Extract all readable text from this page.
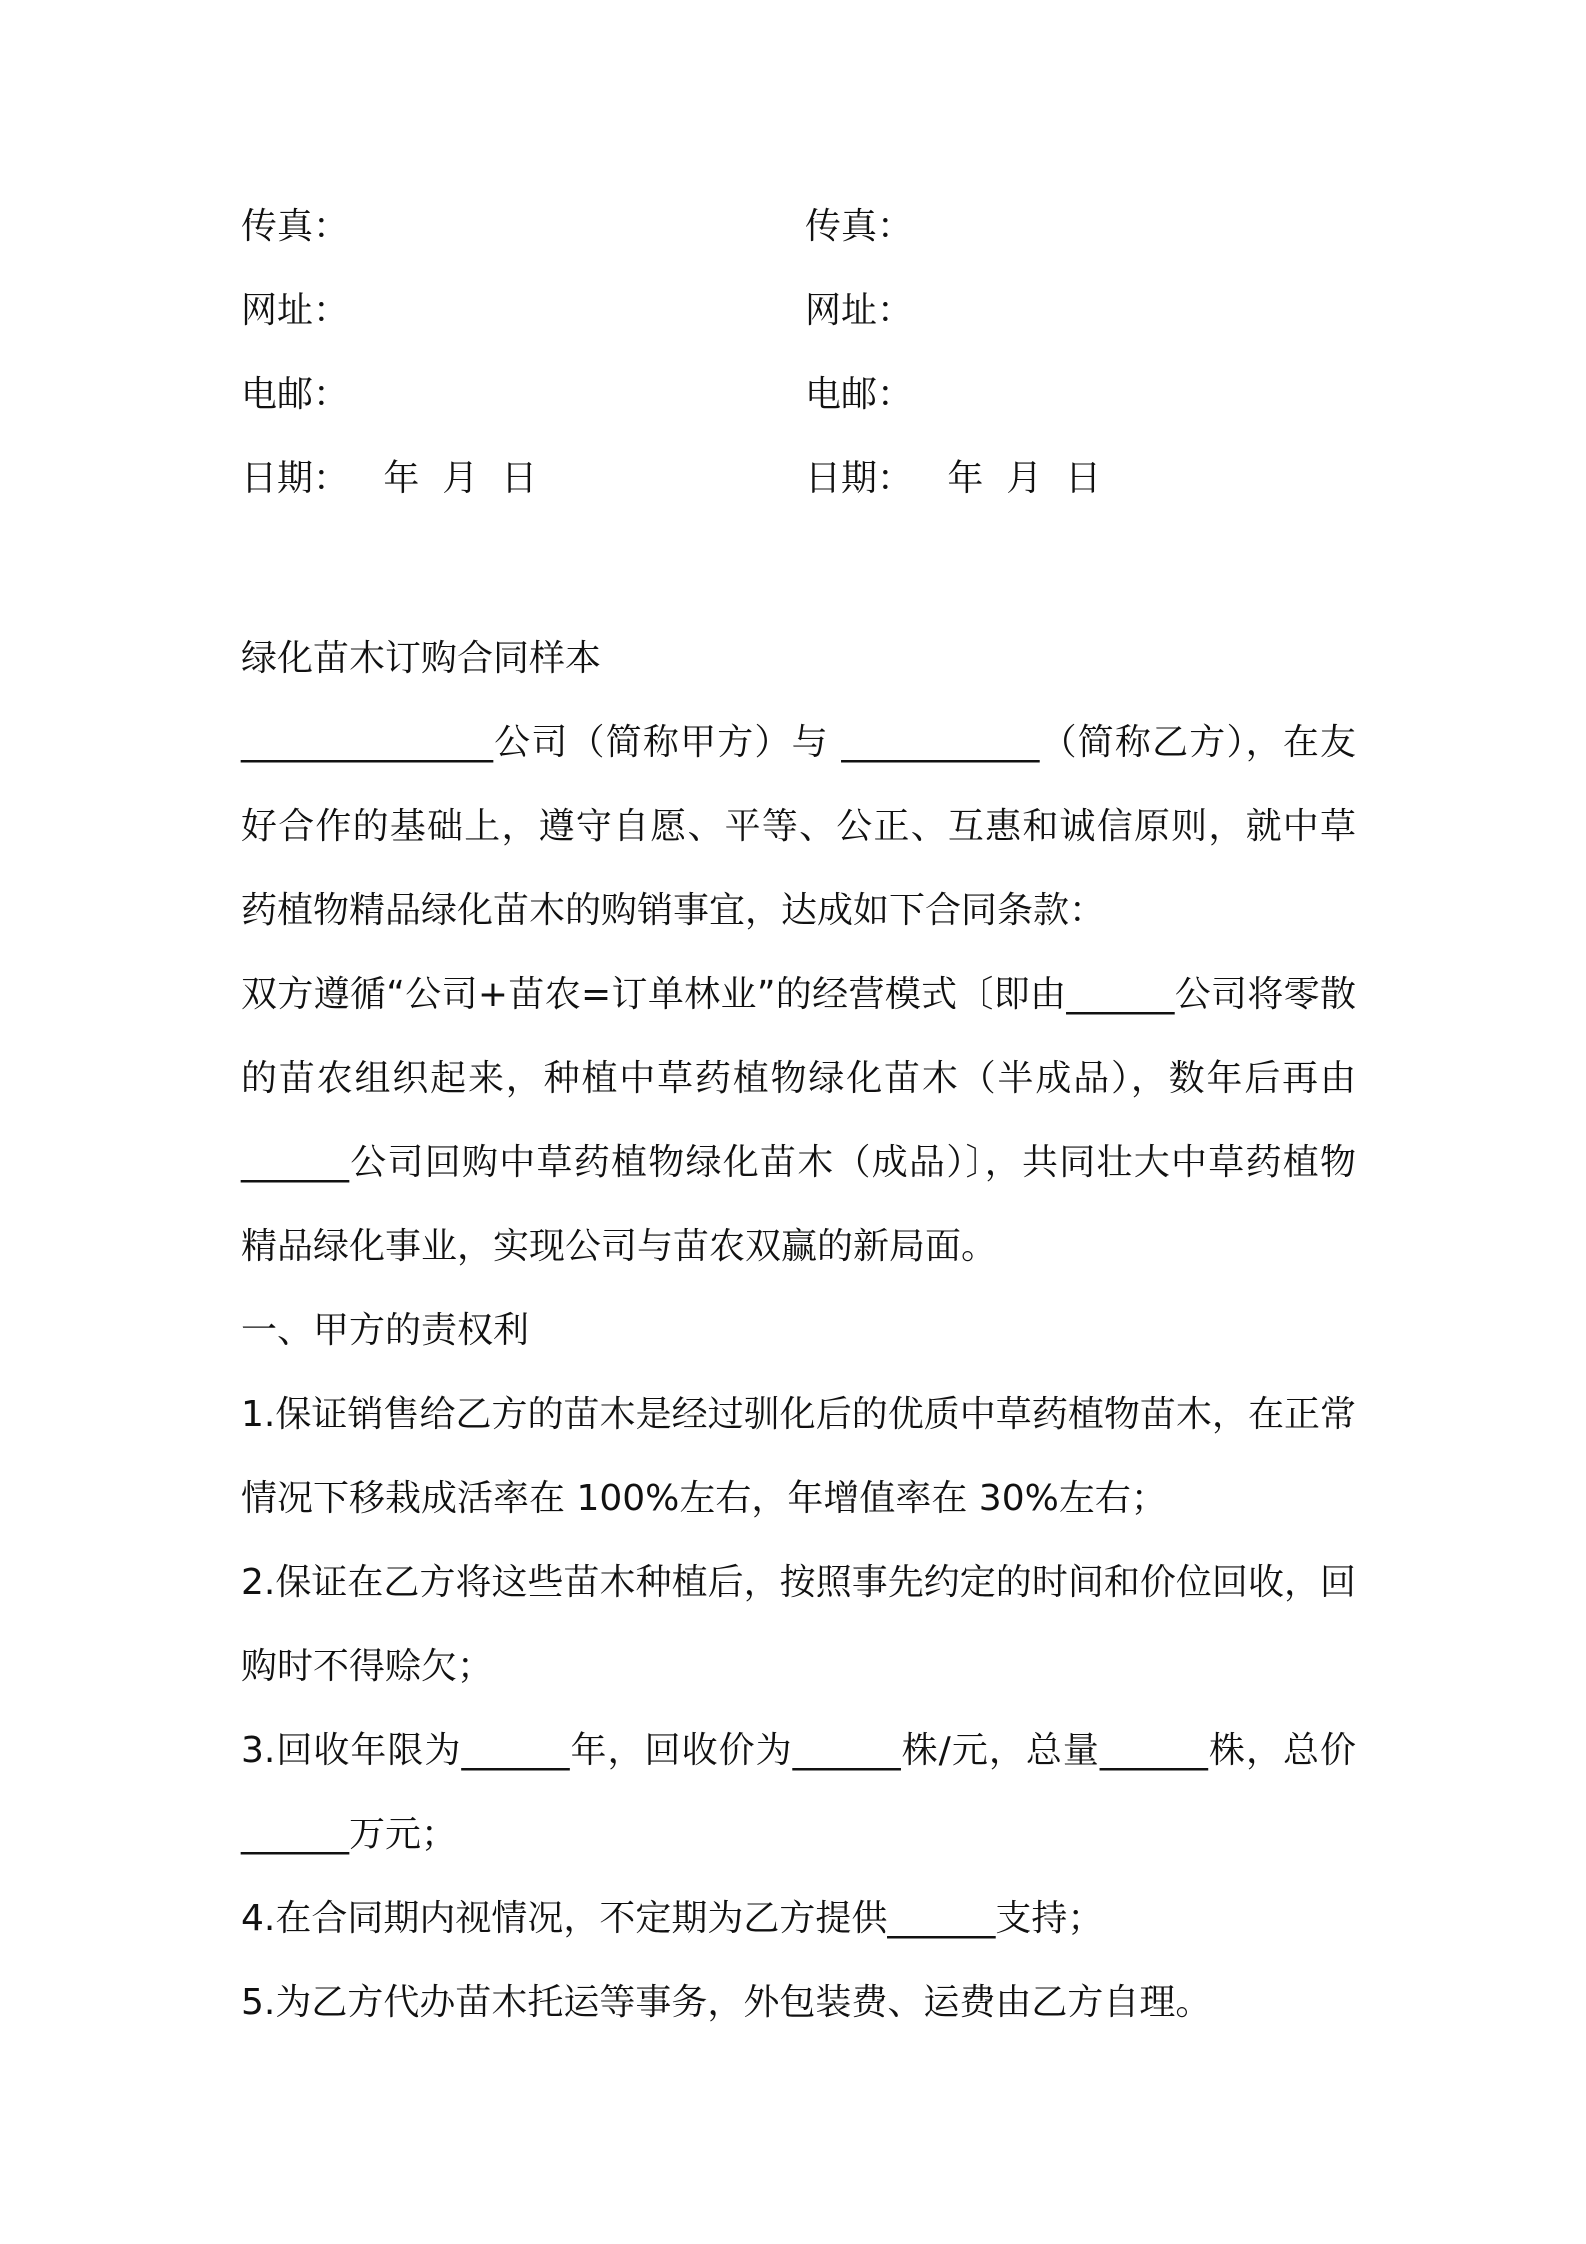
传真：	传真：
网址：	网址：
电邮：	电邮：
日期：   年  月  日	日期：   年  月  日

绿化苗木订购合同样本

______________公司（简称甲方）与 ___________（简称乙方），在友好合作的基础上，遵守自愿、平等、公正、互惠和诚信原则，就中草药植物精品绿化苗木的购销事宜，达成如下合同条款：

双方遵循“公司+苗农=订单林业”的经营模式〔即由______公司将零散的苗农组织起来，种植中草药植物绿化苗木（半成品），数年后再由______公司回购中草药植物绿化苗木（成品）〕，共同壮大中草药植物精品绿化事业，实现公司与苗农双赢的新局面。

一、甲方的责权利

1.保证销售给乙方的苗木是经过驯化后的优质中草药植物苗木，在正常情况下移栽成活率在 100%左右，年增值率在 30%左右；

2.保证在乙方将这些苗木种植后，按照事先约定的时间和价位回收，回购时不得赊欠；

3.回收年限为______年，回收价为______株/元，总量______株，总价______万元；

4.在合同期内视情况，不定期为乙方提供______支持；

5.为乙方代办苗木托运等事务，外包装费、运费由乙方自理。
